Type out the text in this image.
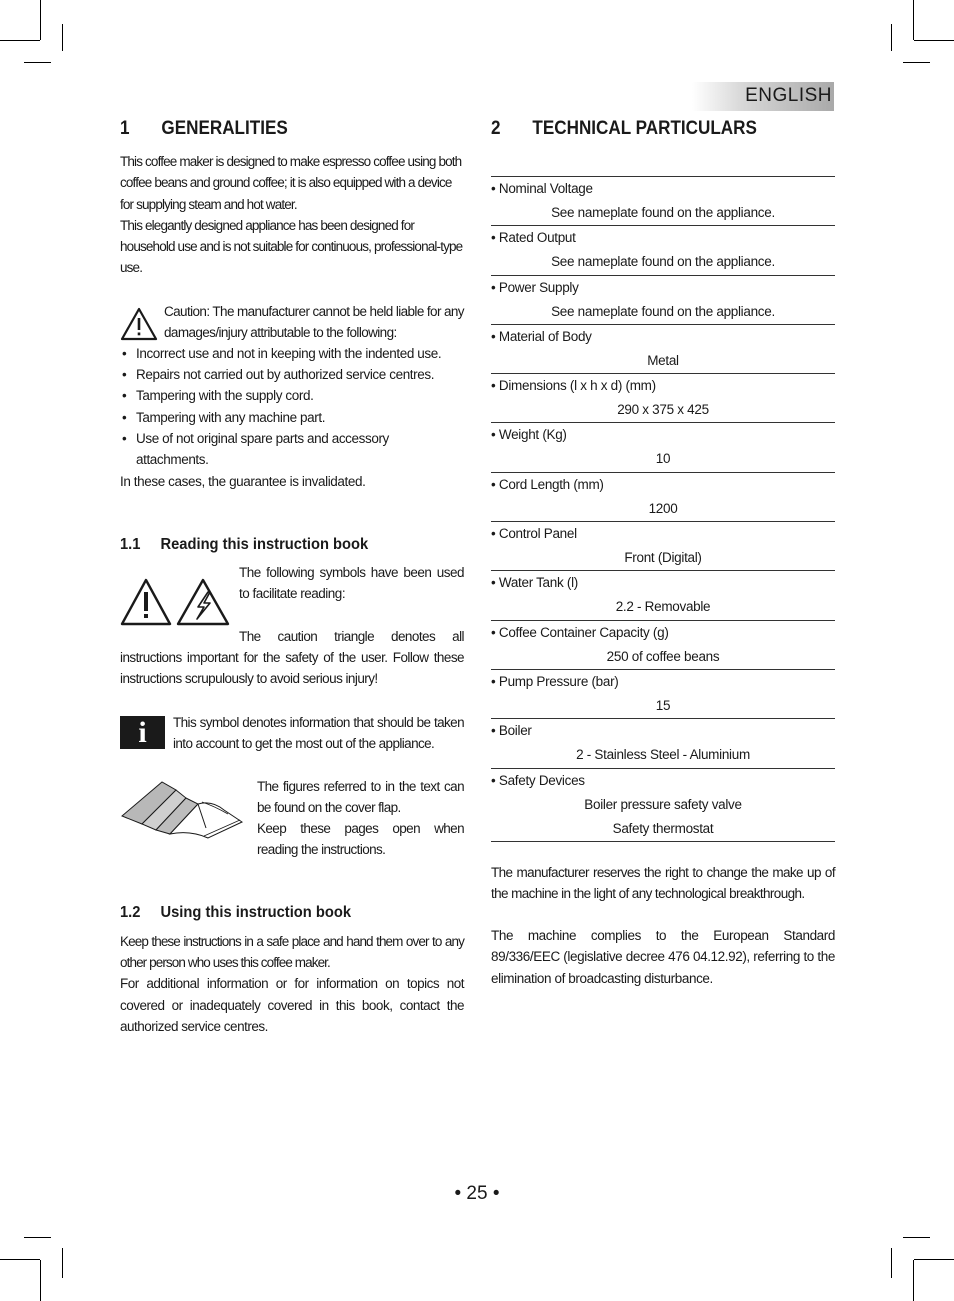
ENGLISH
1	GENERALITIES

This coffee maker is designed to make espresso coffee using both coffee beans and ground coffee; it is also equipped with a device for supplying steam and hot water.

This elegantly designed appliance has been designed for household use and is not suitable for continuous, professional-type use.

Caution: The manufacturer cannot be held liable for any damages/injury attributable to the following:

• Incorrect use and not in keeping with the indented use.
• Repairs not carried out by authorized service centres.
• Tampering with the supply cord.
• Tampering with any machine part.
• Use of not original spare parts and accessory attachments.

In these cases, the guarantee is invalidated.

1.1	Reading this instruction book

The following symbols have been used to facilitate reading:

The caution triangle denotes all instructions important for the safety of the user. Follow these instructions scrupulously to avoid serious injury!

i	This symbol denotes information that should be taken into account to get the most out of the appliance.

The figures referred to in the text can be found on the cover flap.

Keep these pages open when reading the instructions.

1.2	Using this instruction book

Keep these instructions in a safe place and hand them over to any other person who uses this coffee maker.

For additional information or for information on topics not covered or inadequately covered in this book, contact the authorized service centres.

2	TECHNICAL PARTICULARS
• Nominal Voltage
See nameplate found on the appliance.
• Rated Output
See nameplate found on the appliance.
• Power Supply
See nameplate found on the appliance.
• Material of Body
Metal
• Dimensions (l x h x d) (mm)
290 x 375 x 425
• Weight (Kg)
10
• Cord Length (mm)
1200
• Control Panel
Front (Digital)
• Water Tank (l)
2.2 - Removable
• Coffee Container Capacity (g)
250 of coffee beans
• Pump Pressure (bar)
15
• Boiler
2 - Stainless Steel - Aluminium
• Safety Devices
Boiler pressure safety valve
Safety thermostat

The manufacturer reserves the right to change the make up of the machine in the light of any technological breakthrough.

The machine complies to the European Standard 89/336/EEC (legislative decree 476 04.12.92), referring to the elimination of broadcasting disturbance.

• 25 •
